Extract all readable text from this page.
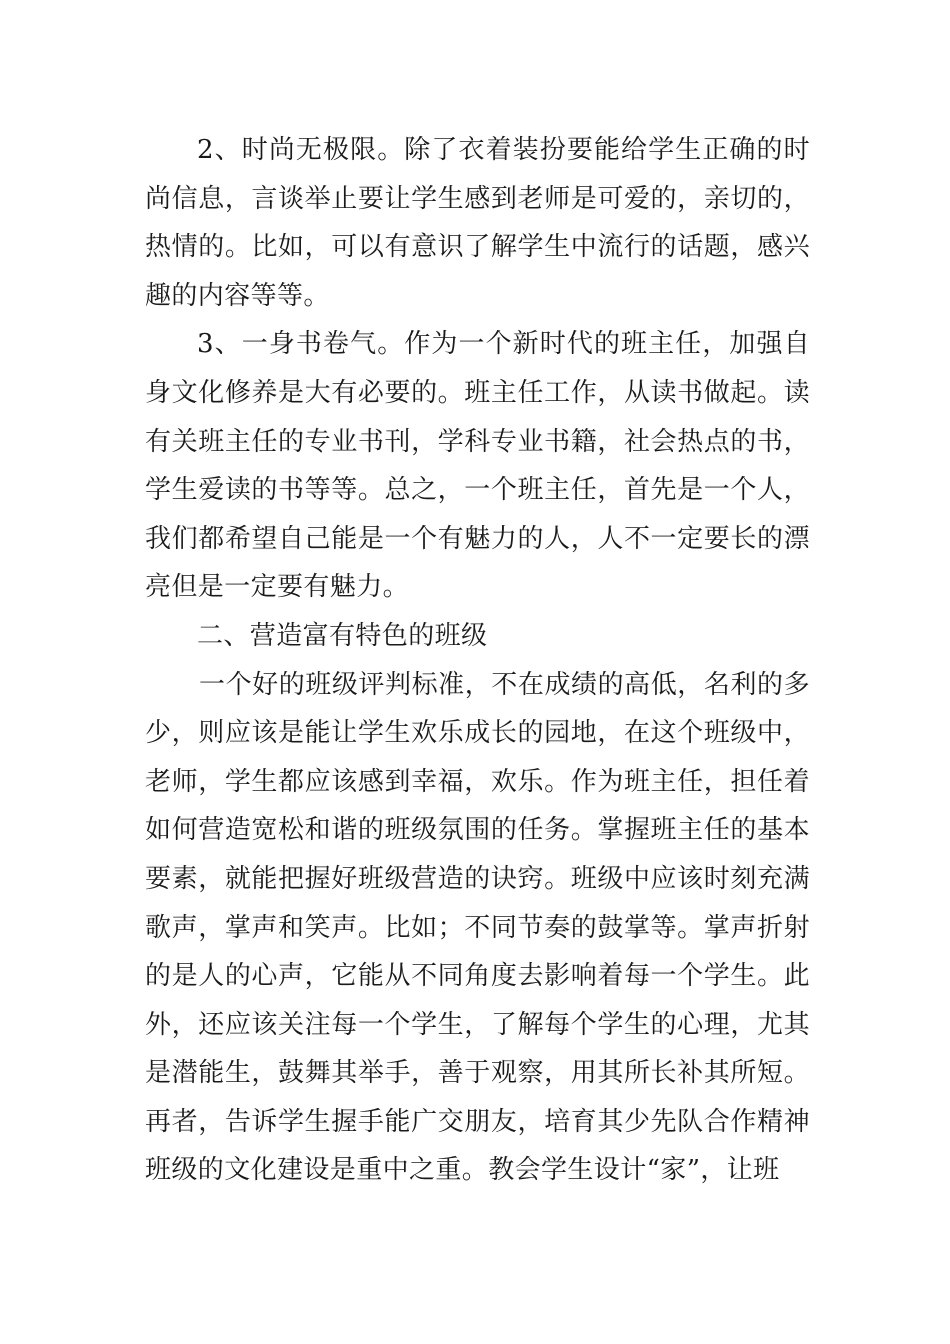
2、时尚无极限。除了衣着装扮要能给学生正确的时尚信息，言谈举止要让学生感到老师是可爱的，亲切的，热情的。比如，可以有意识了解学生中流行的话题，感兴趣的内容等等。

3、一身书卷气。作为一个新时代的班主任，加强自身文化修养是大有必要的。班主任工作，从读书做起。读有关班主任的专业书刊，学科专业书籍，社会热点的书，学生爱读的书等等。总之，一个班主任，首先是一个人，我们都希望自己能是一个有魅力的人，人不一定要长的漂亮但是一定要有魅力。

二、营造富有特色的班级

一个好的班级评判标准，不在成绩的高低，名利的多少，则应该是能让学生欢乐成长的园地，在这个班级中，老师，学生都应该感到幸福，欢乐。作为班主任，担任着如何营造宽松和谐的班级氛围的任务。掌握班主任的基本要素，就能把握好班级营造的诀窍。班级中应该时刻充满歌声，掌声和笑声。比如；不同节奏的鼓掌等。掌声折射的是人的心声，它能从不同角度去影响着每一个学生。此外，还应该关注每一个学生，了解每个学生的心理，尤其是潜能生，鼓舞其举手，善于观察，用其所长补其所短。再者，告诉学生握手能广交朋友，培育其少先队合作精神班级的文化建设是重中之重。教会学生设计“家”，让班
